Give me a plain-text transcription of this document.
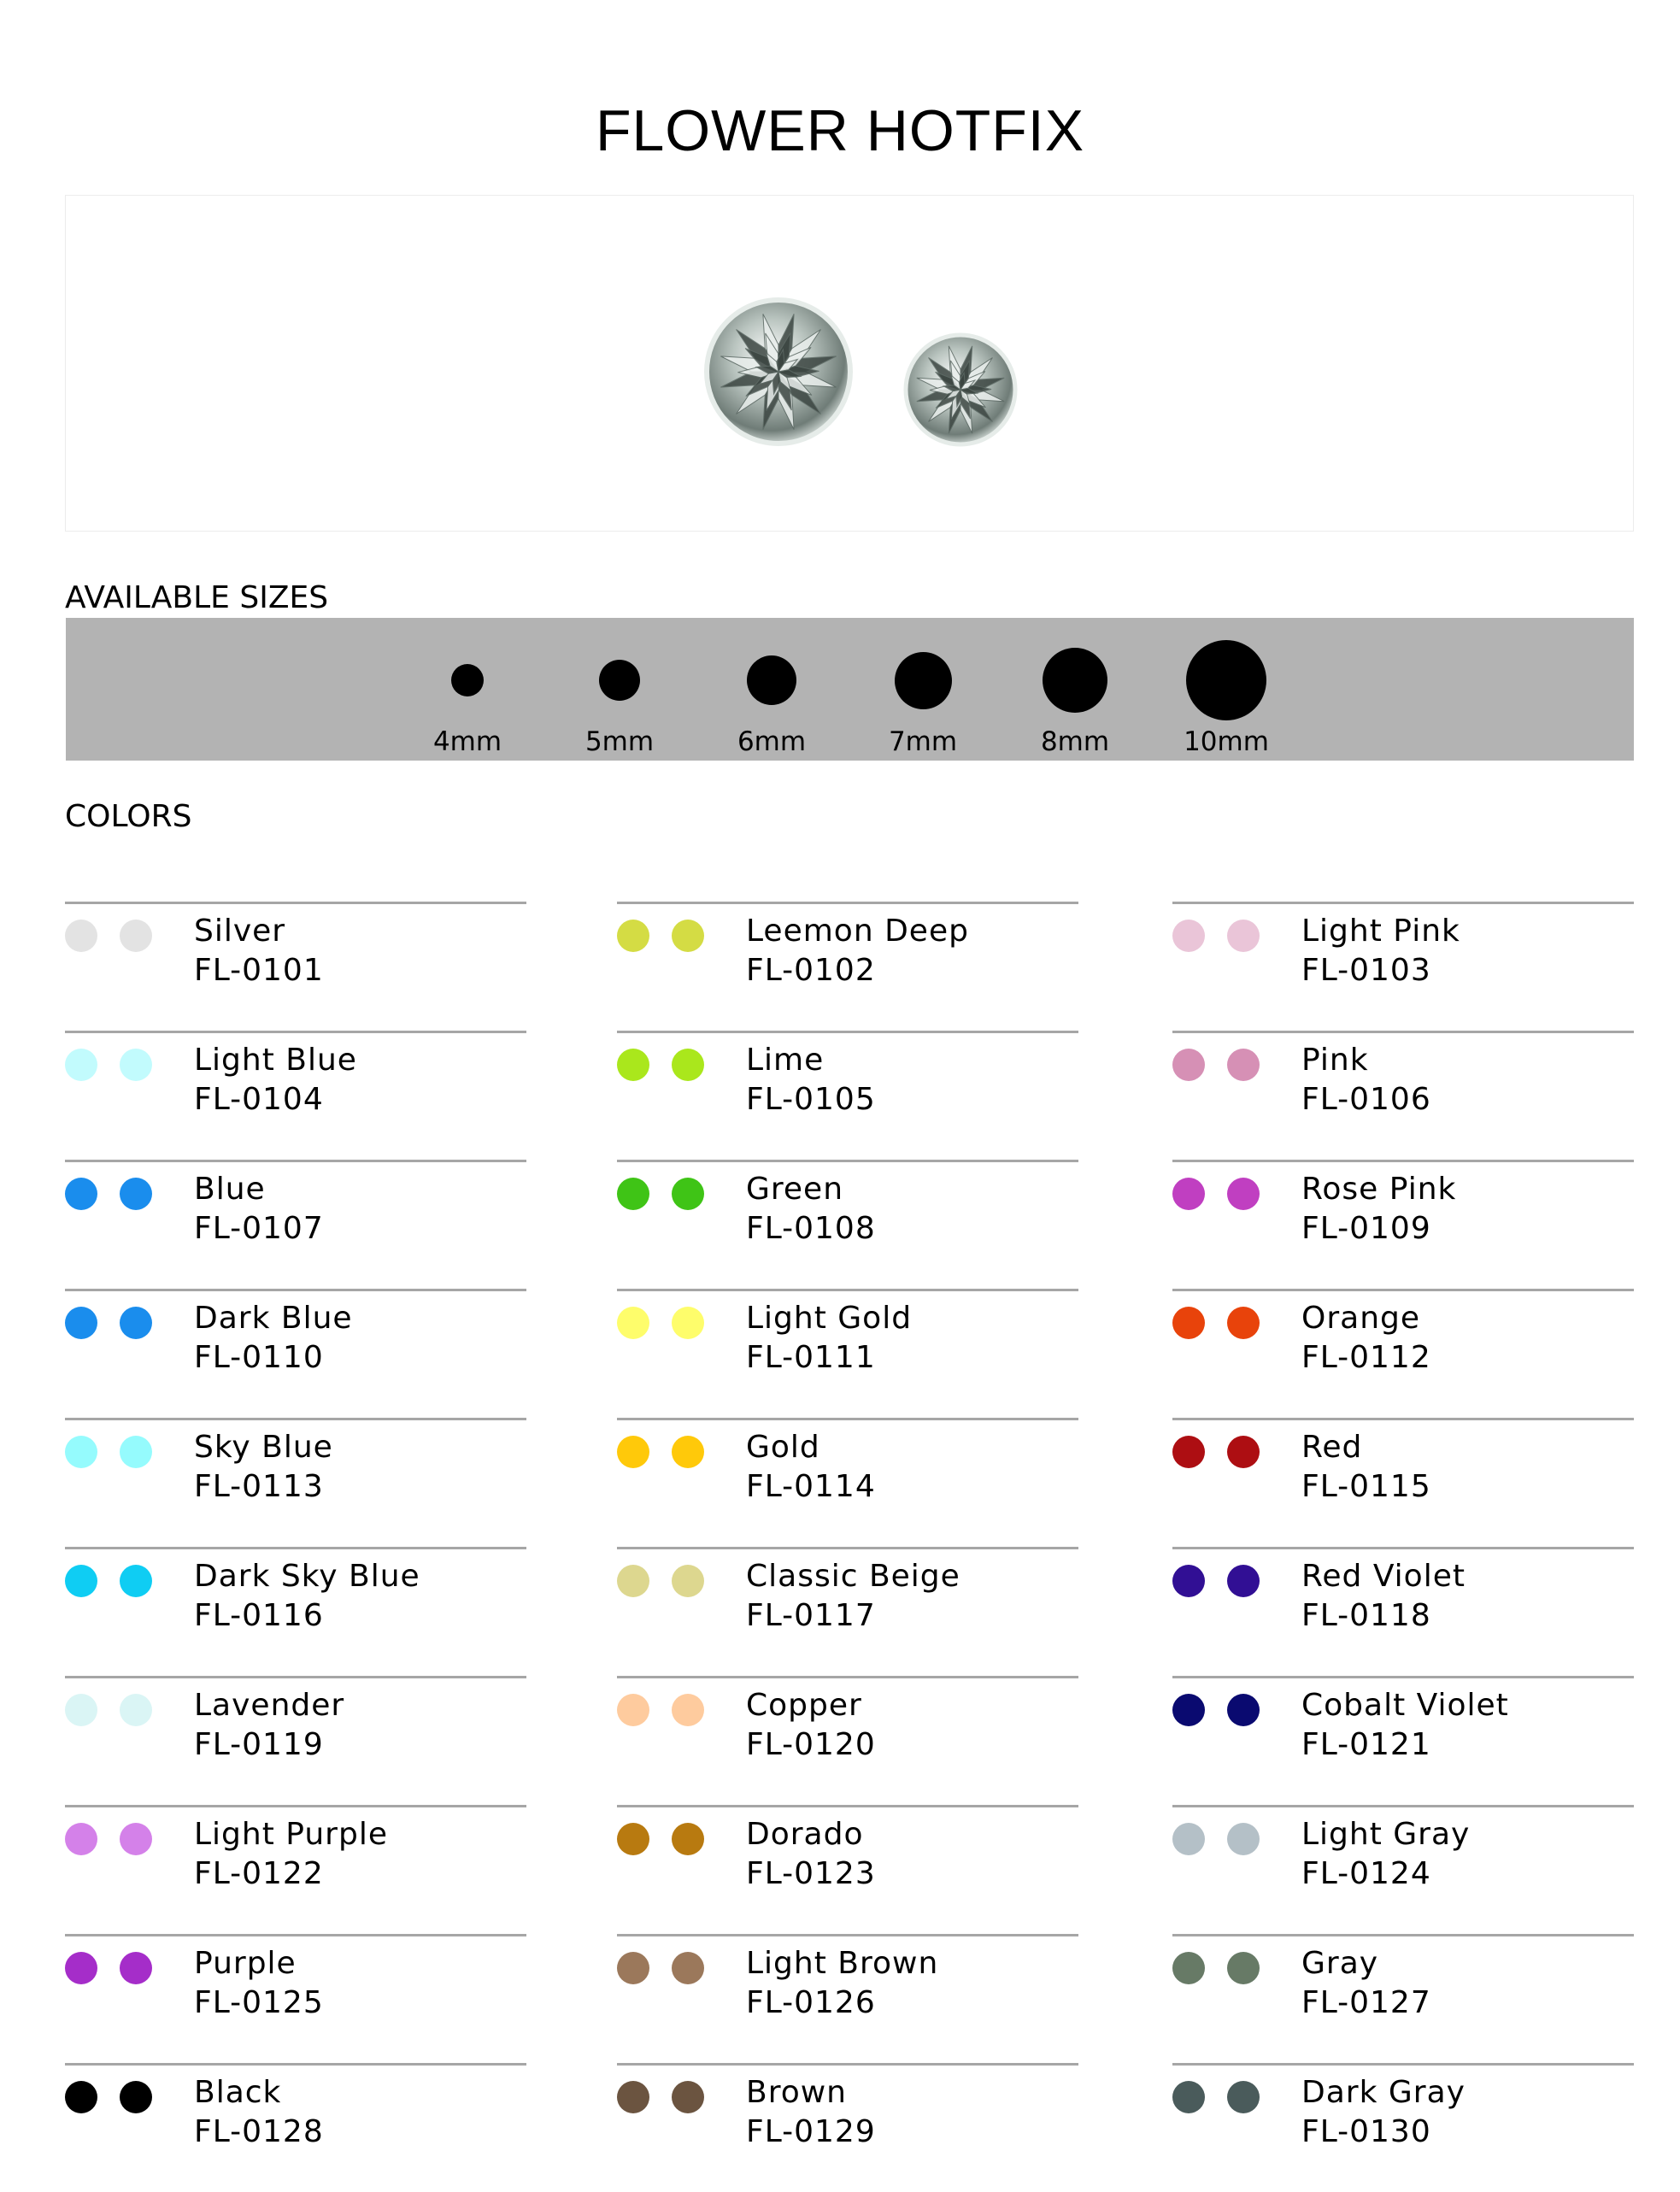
FLOWER HOTFIX
AVAILABLE SIZES
4mm	5mm	6mm	7mm	8mm	10mm
COLORS
Silver
FL-0101
Leemon Deep
FL-0102
Light Pink
FL-0103
Light Blue
FL-0104
Lime
FL-0105
Pink
FL-0106
Blue
FL-0107
Green
FL-0108
Rose Pink
FL-0109
Dark Blue
FL-0110
Light Gold
FL-0111
Orange
FL-0112
Sky Blue
FL-0113
Gold
FL-0114
Red
FL-0115
Dark Sky Blue
FL-0116
Classic Beige
FL-0117
Red Violet
FL-0118
Lavender
FL-0119
Copper
FL-0120
Cobalt Violet
FL-0121
Light Purple
FL-0122
Dorado
FL-0123
Light Gray
FL-0124
Purple
FL-0125
Light Brown
FL-0126
Gray
FL-0127
Black
FL-0128
Brown
FL-0129
Dark Gray
FL-0130
